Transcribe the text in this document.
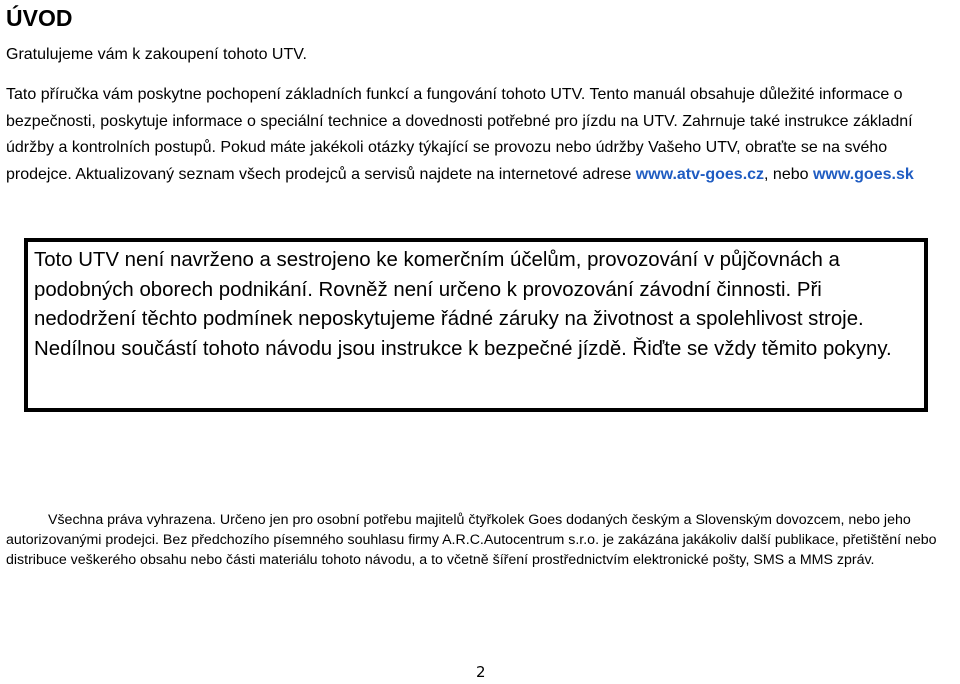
ÚVOD

Gratulujeme vám k zakoupení tohoto UTV.

Tato příručka vám poskytne pochopení základních funkcí a fungování tohoto UTV. Tento manuál obsahuje důležité informace o bezpečnosti, poskytuje informace o speciální technice a dovednosti potřebné pro jízdu na UTV. Zahrnuje také instrukce základní údržby a kontrolních postupů. Pokud máte jakékoli otázky týkající se provozu nebo údržby Vašeho UTV, obraťte se na svého prodejce. Aktualizovaný seznam všech prodejců a servisů najdete na internetové adrese www.atv-goes.cz, nebo www.goes.sk

Toto UTV není navrženo a sestrojeno ke komerčním účelům, provozování v půjčovnách a podobných oborech podnikání. Rovněž není určeno k provozování závodní činnosti. Při nedodržení těchto podmínek neposkytujeme řádné záruky na životnost a spolehlivost stroje. Nedílnou součástí tohoto návodu jsou instrukce k bezpečné jízdě. Řiďte se vždy těmito pokyny.

Všechna práva vyhrazena. Určeno jen pro osobní potřebu majitelů čtyřkolek Goes dodaných českým a Slovenským dovozcem, nebo jeho autorizovanými prodejci. Bez předchozího písemného souhlasu firmy A.R.C.Autocentrum s.r.o. je zakázána jakákoliv další publikace, přetištění nebo distribuce veškerého obsahu nebo části materiálu tohoto návodu, a to včetně šíření prostřednictvím elektronické pošty, SMS a MMS zpráv.

2
